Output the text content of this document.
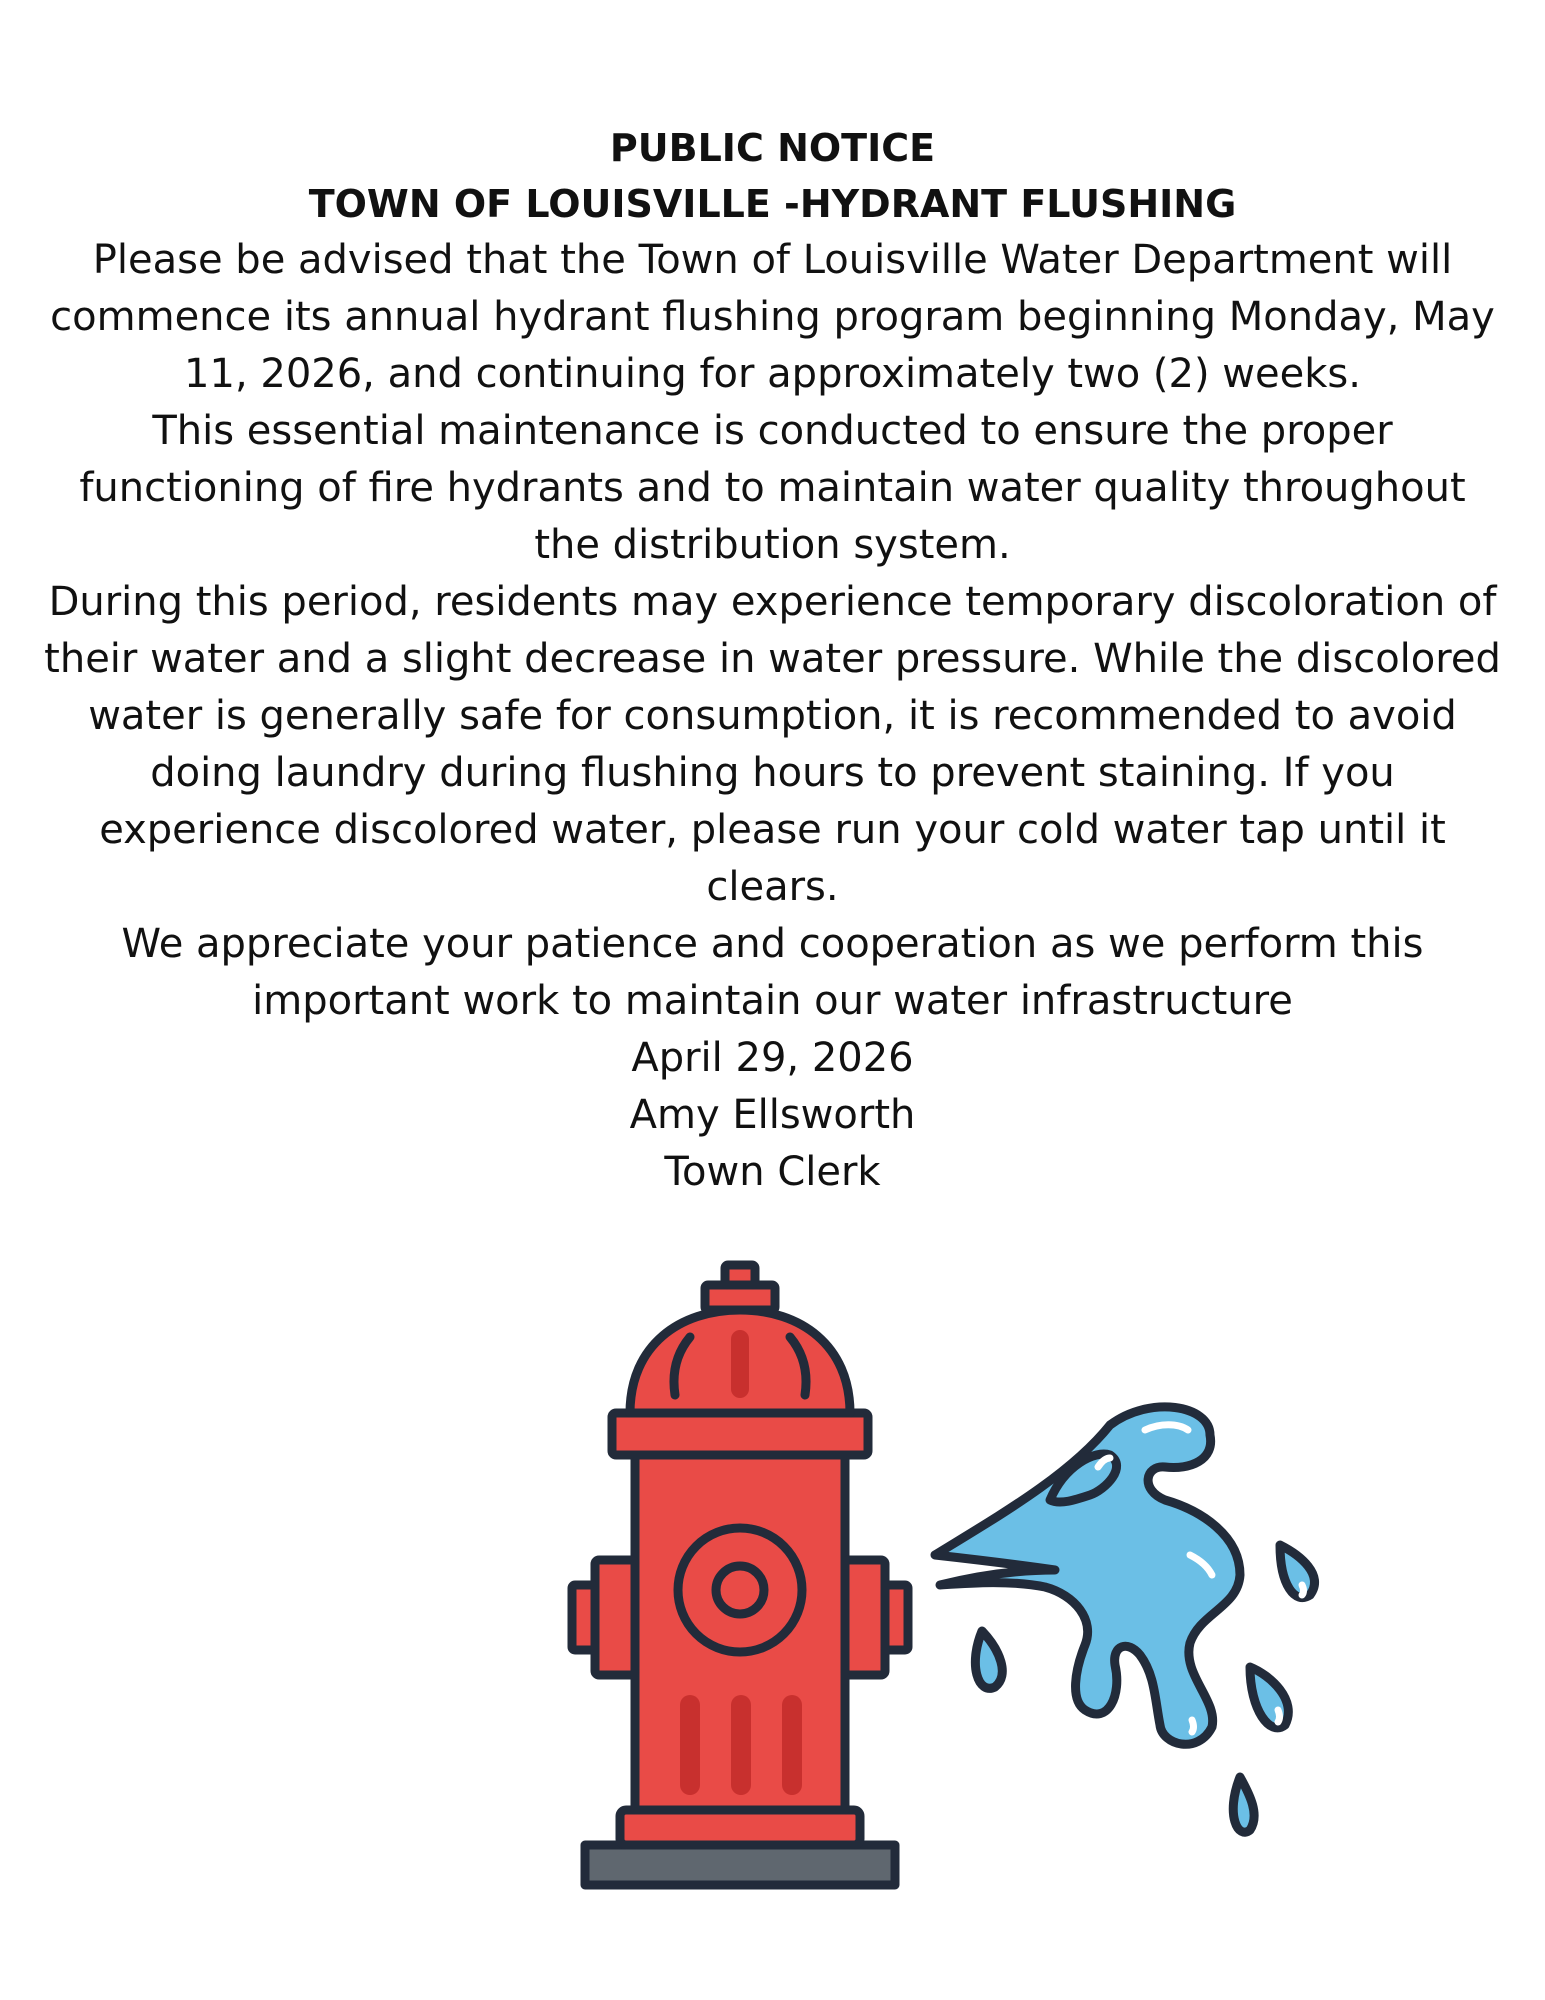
PUBLIC NOTICE

TOWN OF LOUISVILLE -HYDRANT FLUSHING

Please be advised that the Town of Louisville Water Department will commence its annual hydrant flushing program beginning Monday, May 11, 2026, and continuing for approximately two (2) weeks.

This essential maintenance is conducted to ensure the proper functioning of fire hydrants and to maintain water quality throughout the distribution system.

During this period, residents may experience temporary discoloration of their water and a slight decrease in water pressure. While the discolored water is generally safe for consumption, it is recommended to avoid doing laundry during flushing hours to prevent staining. If you experience discolored water, please run your cold water tap until it clears.

We appreciate your patience and cooperation as we perform this important work to maintain our water infrastructure

April 29, 2026

Amy Ellsworth

Town Clerk
